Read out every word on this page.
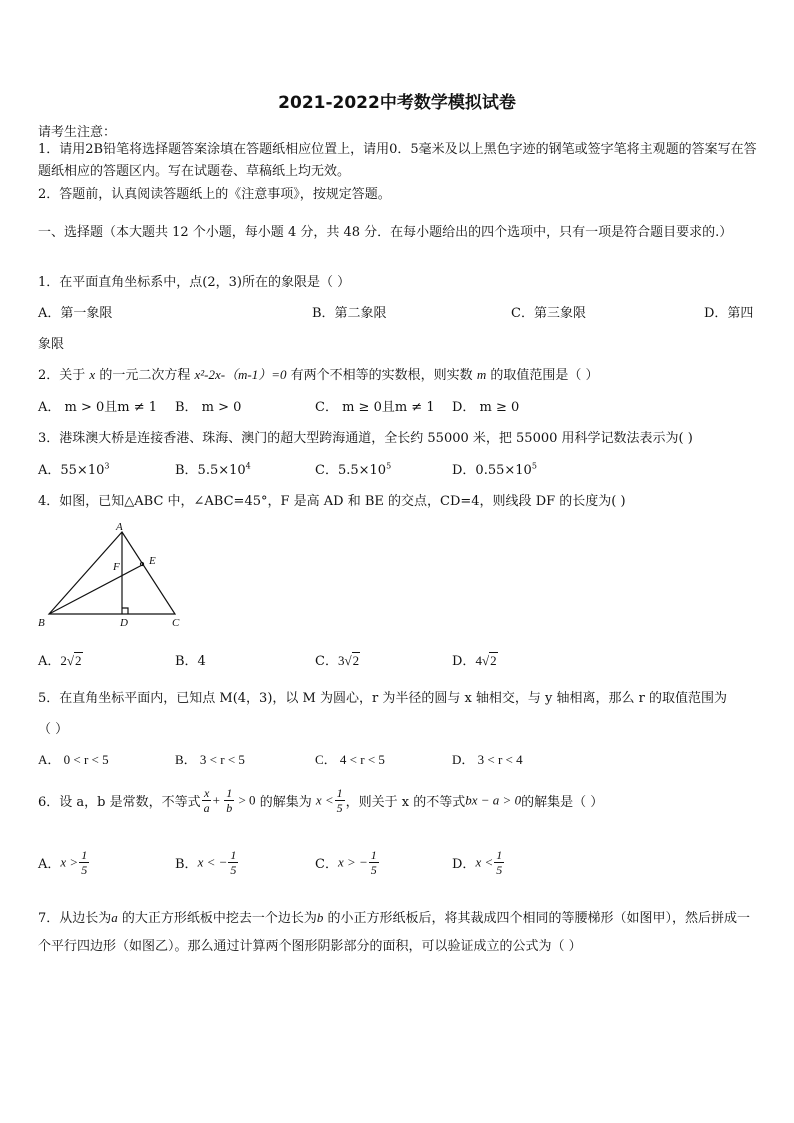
2021-2022中考数学模拟试卷
请考生注意：
1．请用2B铅笔将选择题答案涂填在答题纸相应位置上，请用0．5毫米及以上黑色字迹的钢笔或签字笔将主观题的答案写在答题纸相应的答题区内。写在试题卷、草稿纸上均无效。
2．答题前，认真阅读答题纸上的《注意事项》，按规定答题。
一、选择题（本大题共 12 个小题，每小题 4 分，共 48 分．在每小题给出的四个选项中，只有一项是符合题目要求的.）
1．在平面直角坐标系中，点(2，3)所在的象限是（ ）
A．第一象限	B．第二象限	C．第三象限	D．第四
象限
2．关于 x 的一元二次方程 x²-2x-（m-1）=0 有两个不相等的实数根，则实数 m 的取值范围是（ ）
A． m > 0且m ≠ 1 B． m > 0	C． m ≥ 0且m ≠ 1 D． m ≥ 0
3．港珠澳大桥是连接香港、珠海、澳门的超大型跨海通道，全长约 55000 米，把 55000 用科学记数法表示为( )
A．$55\times 10^3$	B．$5.5\times 10^4$	C．$5.5\times 10^5$	D．$0.55\times 10^5$
4．如图，已知△ABC 中，∠ABC=45°，F 是高 AD 和 BE 的交点，CD=4，则线段 DF 的长度为( )
A
B	C
D
E
F
A． 2 √ 2	B．4	C． 3 √ 2	D． 4 √ 2
5．在直角坐标平面内，已知点 M(4，3)，以 M 为圆心，r 为半径的圆与 x 轴相交，与 y 轴相离，那么 r 的取值范围为
（ ）
A． 0 < r < 5	B． 3 < r < 5	C． 4 < r < 5	D． 3 < r < 4
6．设 a，b 是常数，不等式 $\frac{x}{a} + \frac{1}{b} > 0$ 的解集为 $x < \frac{1}{5}$ ，则关于 x 的不等式bx − a > 0的解集是（ ）
A．$x > \frac{1}{5}$	B．x < − $\frac{1}{5}$	C．x > − $\frac{1}{5}$	D．$x < \frac{1}{5}$
7．从边长为a 的大正方形纸板中挖去一个边长为b 的小正方形纸板后，将其裁成四个相同的等腰梯形（如图甲），然后拼成一个平行四边形（如图乙）。那么通过计算两个图形阴影部分的面积，可以验证成立的公式为（ ）
